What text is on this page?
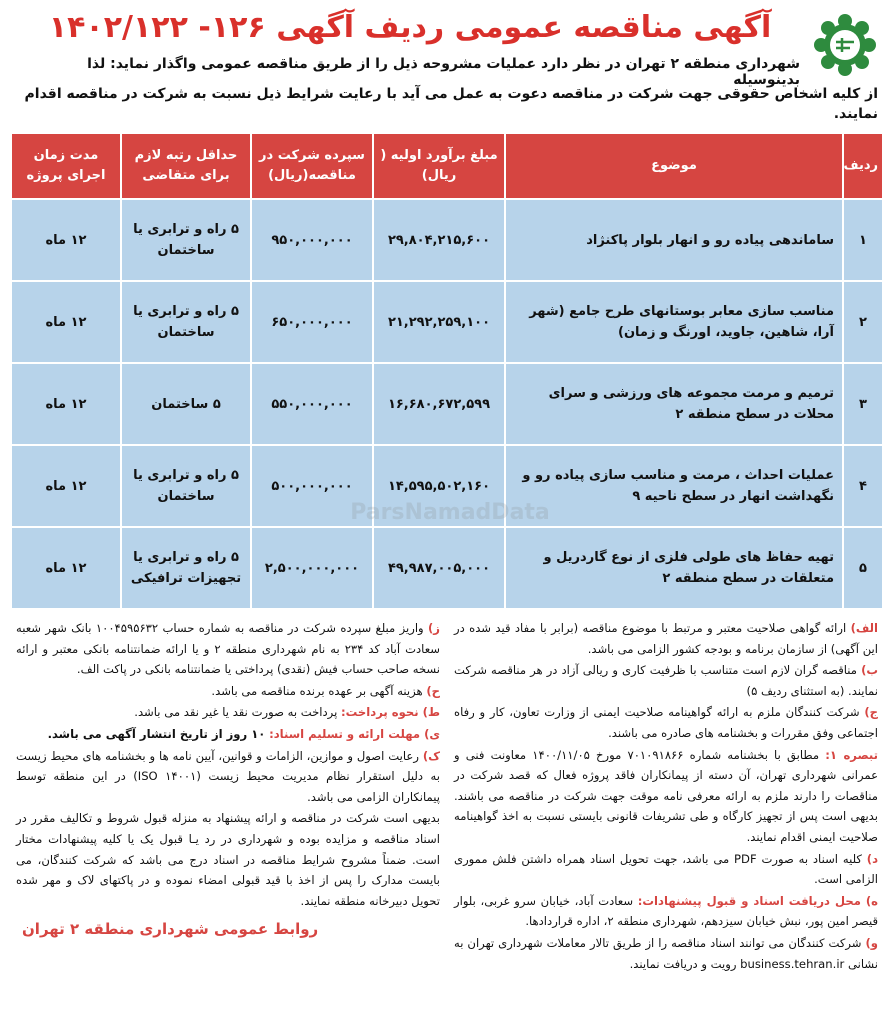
آگهی مناقصه عمومی ردیف آگهی ۱۲۶- ۱۴۰۲/۱۲۲
شهرداری منطقه ۲ تهران در نظر دارد عملیات مشروحه ذیل را از طریق مناقصه عمومی واگذار نماید: لذا بدینوسیله
از کلیه اشخاص حقوقی جهت شرکت در مناقصه دعوت به عمل می آید با رعایت شرایط ذیل نسبت به شرکت در مناقصه اقدام نمایند.
ردیف	موضوع	مبلغ برآورد اولیه ( ریال)	سپرده شرکت در مناقصه(ریال)	حداقل رتبه لازم برای متقاضی	مدت زمان اجرای پروژه
۱	ساماندهی پیاده رو و انهار بلوار پاکنژاد	۲۹,۸۰۴,۲۱۵,۶۰۰	۹۵۰,۰۰۰,۰۰۰	۵ راه و ترابری یا ساختمان	۱۲ ماه
۲	مناسب سازی معابر بوستانهای طرح جامع (شهر آرا، شاهین، جاوید، اورنگ و زمان)	۲۱,۲۹۲,۲۵۹,۱۰۰	۶۵۰,۰۰۰,۰۰۰	۵ راه و ترابری یا ساختمان	۱۲ ماه
۳	ترمیم و مرمت مجموعه های ورزشی و سرای محلات در سطح منطقه ۲	۱۶,۶۸۰,۶۷۲,۵۹۹	۵۵۰,۰۰۰,۰۰۰	۵ ساختمان	۱۲ ماه
۴	عملیات احداث ، مرمت و مناسب سازی پیاده رو و نگهداشت انهار در سطح ناحیه ۹	۱۴,۵۹۵,۵۰۲,۱۶۰	۵۰۰,۰۰۰,۰۰۰	۵ راه و ترابری یا ساختمان	۱۲ ماه
۵	تهیه حفاظ های طولی فلزی از نوع گاردریل و متعلقات در سطح منطقه ۲	۴۹,۹۸۷,۰۰۵,۰۰۰	۲,۵۰۰,۰۰۰,۰۰۰	۵ راه و ترابری یا تجهیزات ترافیکی	۱۲ ماه

الف) ارائه گواهی صلاحیت معتبر و مرتبط با موضوع مناقصه (برابر با مفاد قید شده در این آگهی) از سازمان برنامه و بودجه کشور الزامی می باشد.

ب) مناقصه گران لازم است متناسب با ظرفیت کاری و ریالی آزاد در هر مناقصه شرکت نمایند. (به استثنای ردیف ۵)

ج) شرکت کنندگان ملزم به ارائه گواهینامه صلاحیت ایمنی از وزارت تعاون، کار و رفاه اجتماعی وفق مقررات و بخشنامه های صادره می باشند.

تبصره ۱: مطابق با بخشنامه شماره ۷۰۱۰۹۱۸۶۶ مورخ ۱۴۰۰/۱۱/۰۵ معاونت فنی و عمرانی شهرداری تهران، آن دسته از پیمانکاران فاقد پروژه فعال که قصد شرکت در مناقصات را دارند ملزم به ارائه معرفی نامه موقت جهت شرکت در مناقصه می باشند. بدیهی است پس از تجهیز کارگاه و طی تشریفات قانونی بایستی نسبت به اخذ گواهینامه صلاحیت ایمنی اقدام نمایند.

د) کلیه اسناد به صورت PDF می باشد، جهت تحویل اسناد همراه داشتن فلش مموری الزامی است.

ه) محل دریافت اسناد و قبول پیشنهادات: سعادت آباد، خیابان سرو غربی، بلوار قیصر امین پور، نبش خیابان سیزدهم، شهرداری منطقه ۲، اداره قراردادها.

و) شرکت کنندگان می توانند اسناد مناقصه را از طریق تالار معاملات شهرداری تهران به نشانی business.tehran.ir رویت و دریافت نمایند.

ز) واریز مبلغ سپرده شرکت در مناقصه به شماره حساب ۱۰۰۴۵۹۵۶۳۲ بانک شهر شعبه سعادت آباد کد ۲۳۴ به نام شهرداری منطقه ۲ و یا ارائه ضمانتنامه بانکی معتبر و ارائه نسخه صاحب حساب فیش (نقدی) پرداختی یا ضمانتنامه بانکی در پاکت الف.

ح) هزینه آگهی بر عهده برنده مناقصه می باشد.

ط) نحوه پرداخت: پرداخت به صورت نقد یا غیر نقد می باشد.

ی) مهلت ارائه و تسلیم اسناد: ۱۰ روز از تاریخ انتشار آگهی می باشد.

ک) رعایت اصول و موازین، الزامات و قوانین، آیین نامه ها و بخشنامه های محیط زیست به دلیل استقرار نظام مدیریت محیط زیست (ISO ۱۴۰۰۱) در این منطقه توسط پیمانکاران الزامی می باشد.

بدیهی است شرکت در مناقصه و ارائه پیشنهاد به منزله قبول شروط و تکالیف مقرر در اسناد مناقصه و مزایده بوده و شهرداری در رد یـا قبول یک یا کلیه پیشنهادات مختار است. ضمناً مشروح شرایط مناقصه در اسناد درج می باشد که شرکت کنندگان، می بایست مدارک را پس از اخذ با قید قبولی امضاء نموده و در پاکتهای لاک و مهر شده تحویل دبیرخانه منطقه نمایند.

روابط عمومی شهرداری منطقه ۲ تهران
